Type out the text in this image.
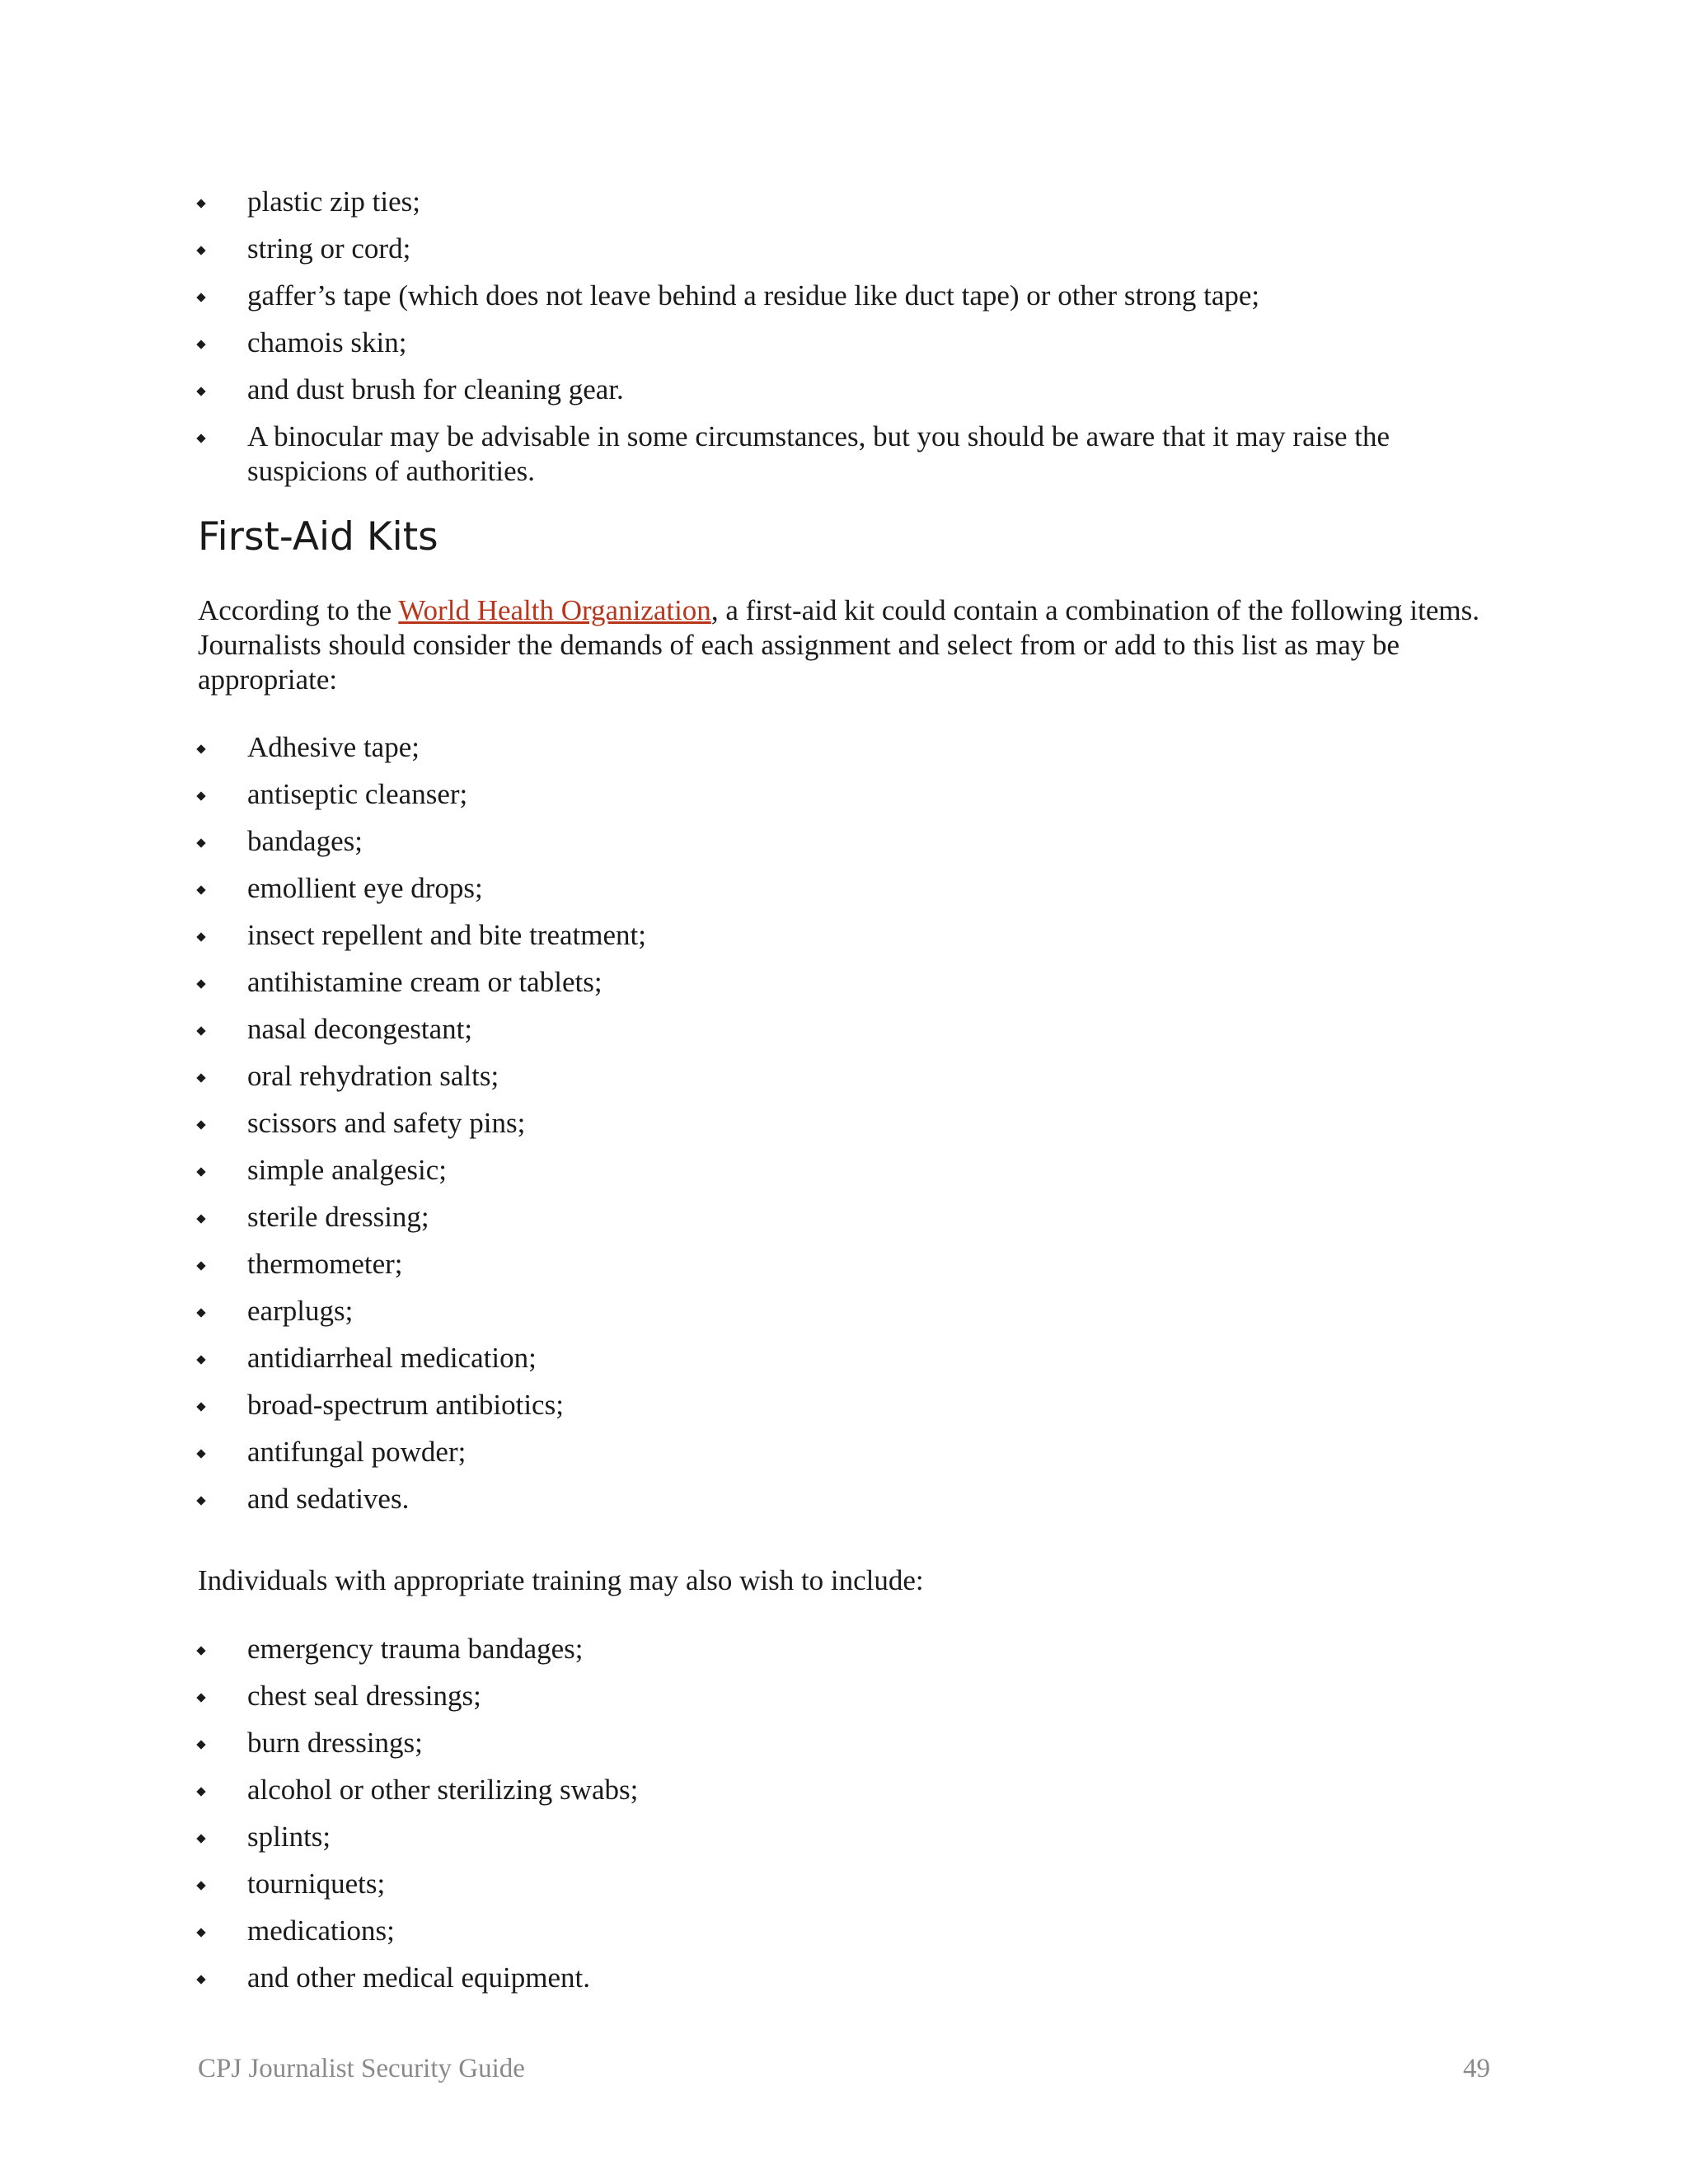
plastic zip ties;
string or cord;
gaffer’s tape (which does not leave behind a residue like duct tape) or other strong tape;
chamois skin;
and dust brush for cleaning gear.
A binocular may be advisable in some circumstances, but you should be aware that it may raise the suspicions of authorities.
First-Aid Kits

According to the World Health Organization, a first-aid kit could contain a combination of the following items. Journalists should consider the demands of each assignment and select from or add to this list as may be appropriate:

Adhesive tape;
antiseptic cleanser;
bandages;
emollient eye drops;
insect repellent and bite treatment;
antihistamine cream or tablets;
nasal decongestant;
oral rehydration salts;
scissors and safety pins;
simple analgesic;
sterile dressing;
thermometer;
earplugs;
antidiarrheal medication;
broad-spectrum antibiotics;
antifungal powder;
and sedatives.

Individuals with appropriate training may also wish to include:

emergency trauma bandages;
chest seal dressings;
burn dressings;
alcohol or other sterilizing swabs;
splints;
tourniquets;
medications;
and other medical equipment.
CPJ Journalist Security Guide	49
